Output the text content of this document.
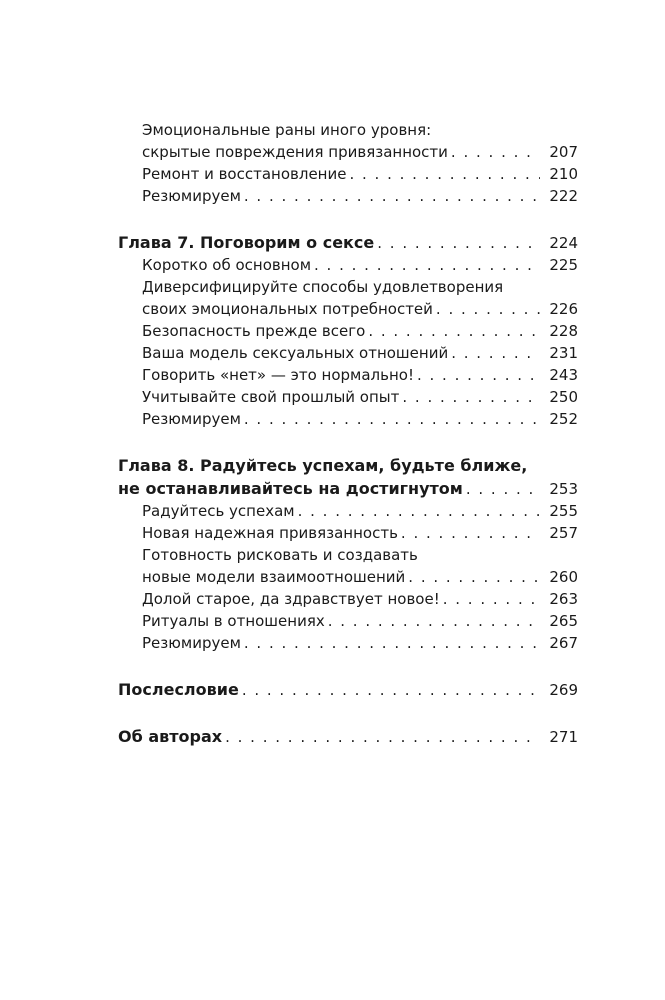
Эмоциональные раны иного уровня:
скрытые повреждения привязанности . . .	207
Ремонт и восстановление . . .	210
Резюмируем . . .	222
Глава 7. Поговорим о сексе . . .	224
Коротко об основном . . .	225
Диверсифицируйте способы удовлетворения
своих эмоциональных потребностей . . .	226
Безопасность прежде всего . . .	228
Ваша модель сексуальных отношений . . .	231
Говорить «нет» — это нормально! . . .	243
Учитывайте свой прошлый опыт . . .	250
Резюмируем . . .	252
Глава 8. Радуйтесь успехам, будьте ближе,
не останавливайтесь на достигнутом . . .	253
Радуйтесь успехам . . .	255
Новая надежная привязанность . . .	257
Готовность рисковать и создавать
новые модели взаимоотношений . . .	260
Долой старое, да здравствует новое! . . .	263
Ритуалы в отношениях . . .	265
Резюмируем . . .	267
Послесловие . . .	269
Об авторах . . .	271
